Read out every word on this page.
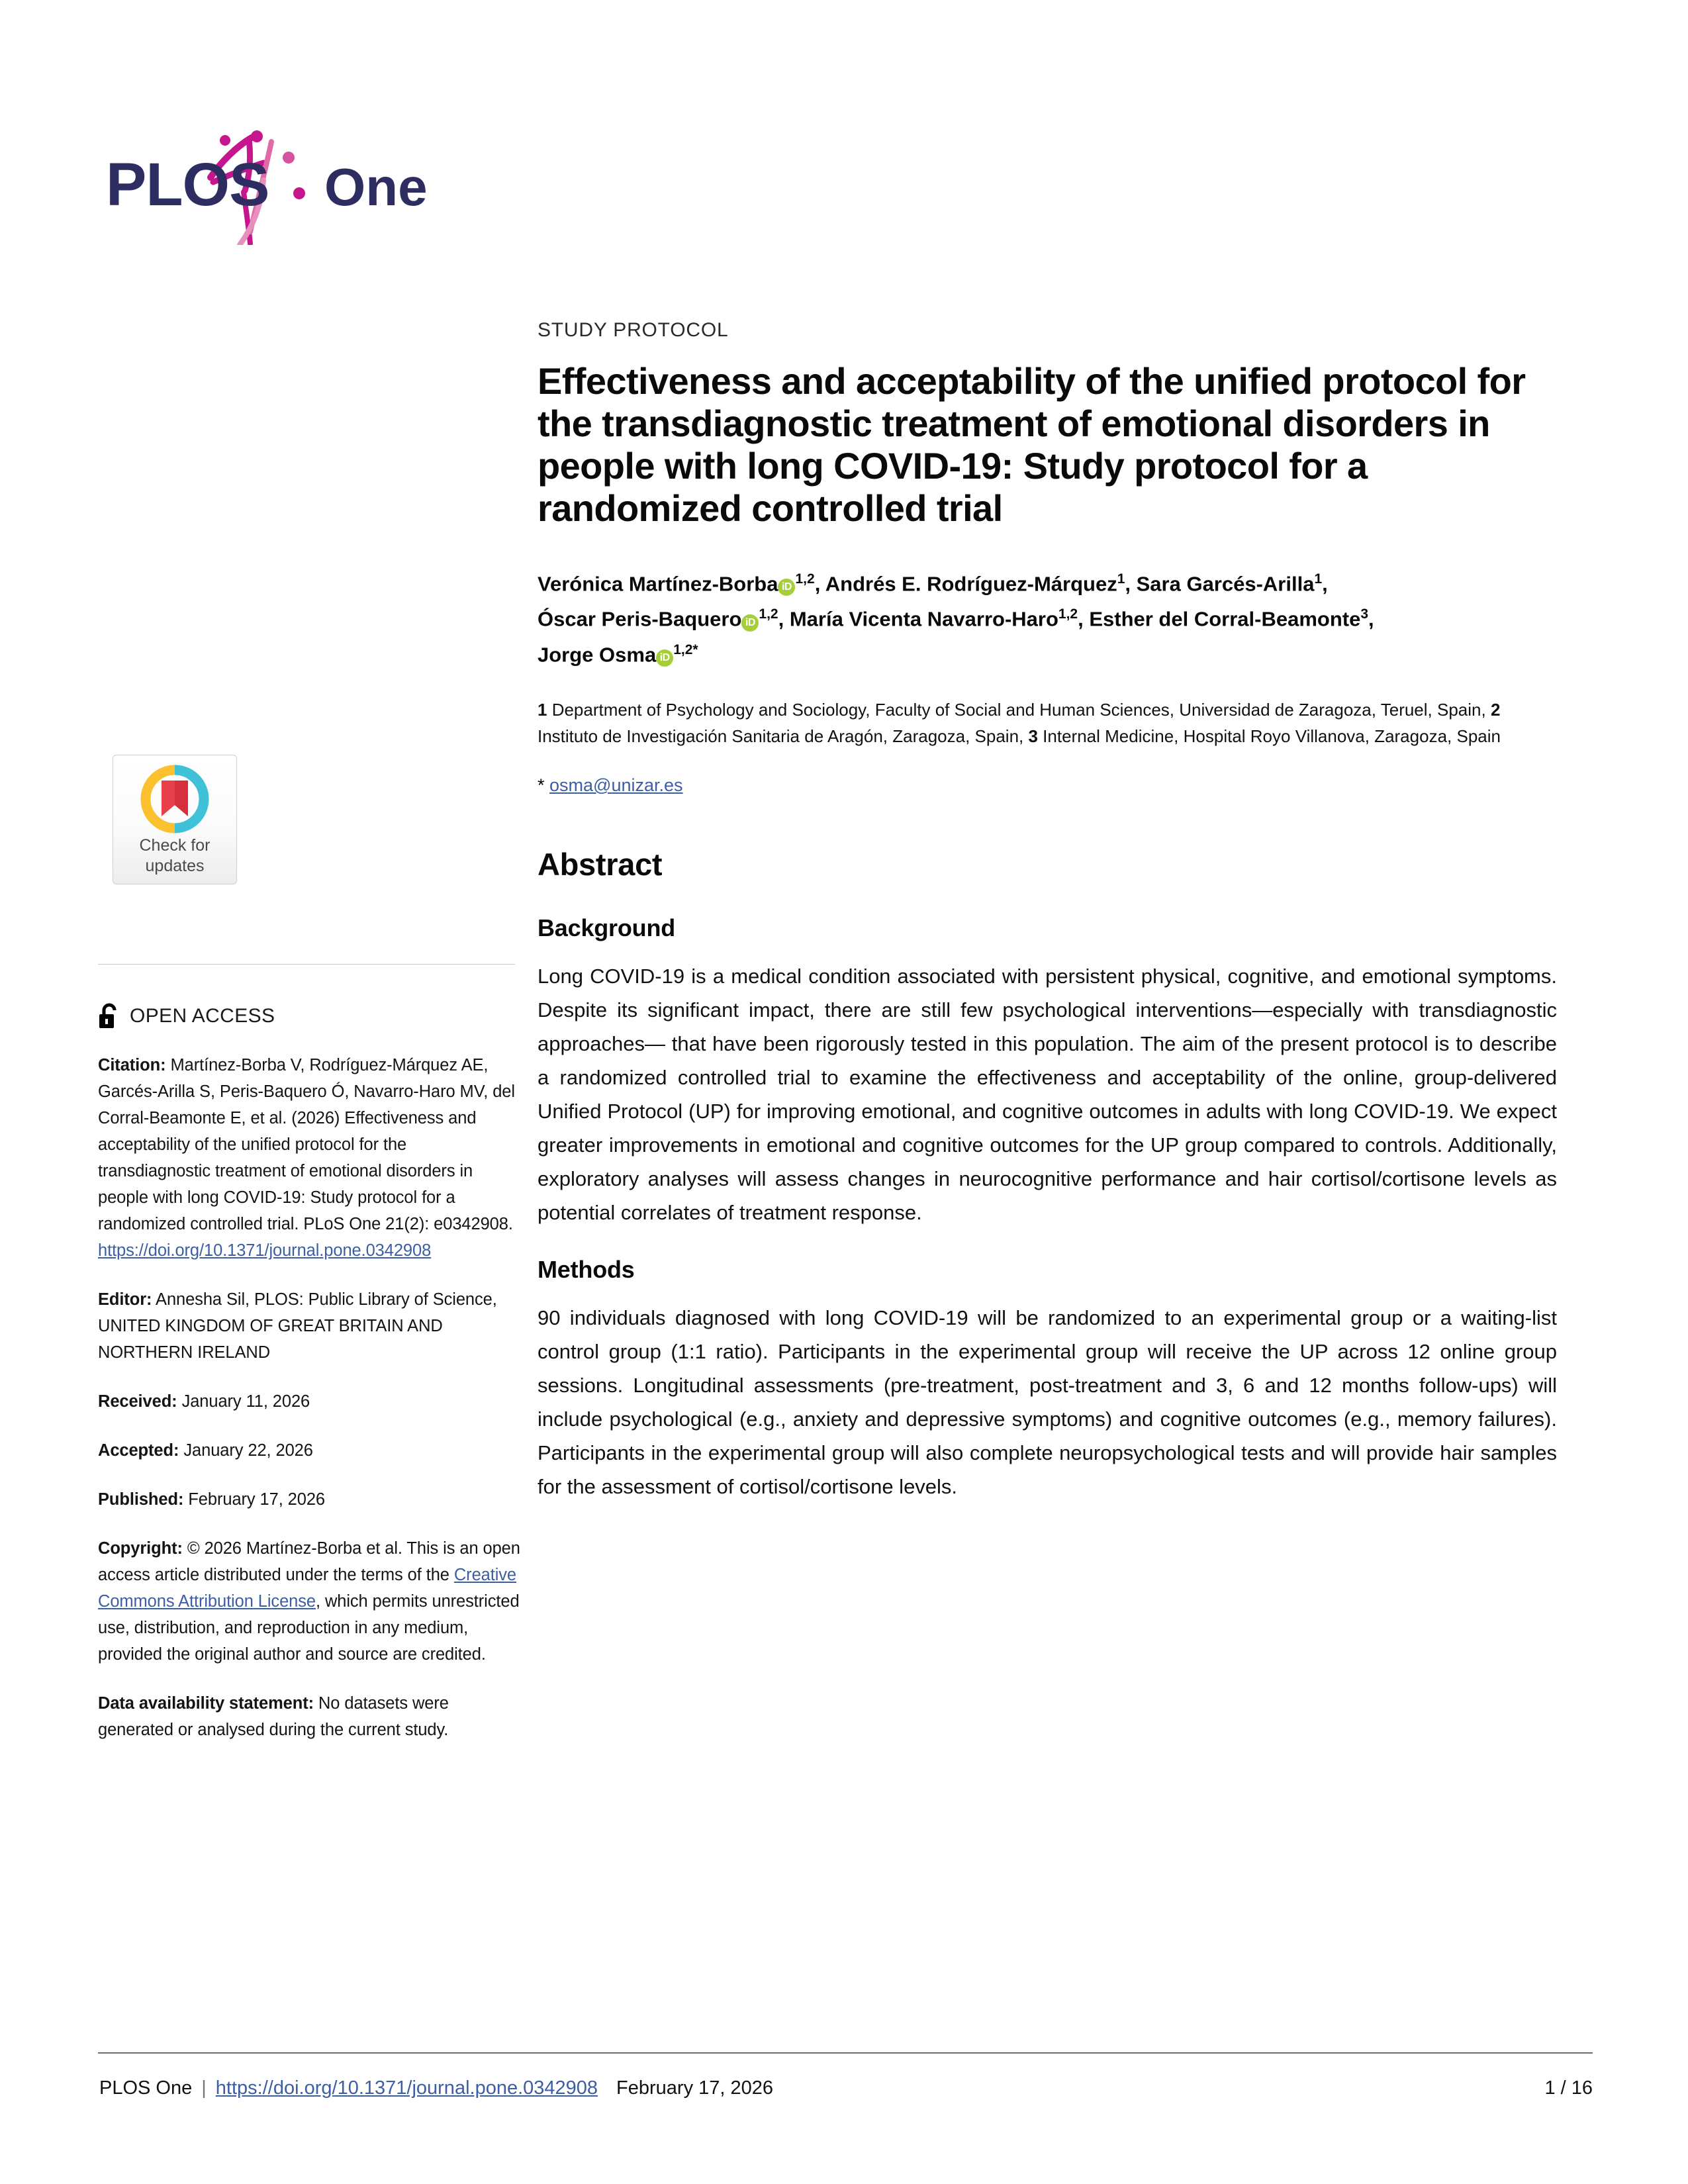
PLOS One
Check for
updates
OPEN ACCESS
Citation: Martínez-Borba V, Rodríguez-Márquez AE, Garcés-Arilla S, Peris-Baquero Ó, Navarro-Haro MV, del Corral-Beamonte E, et al. (2026) Effectiveness and acceptability of the unified protocol for the transdiagnostic treatment of emotional disorders in people with long COVID-19: Study protocol for a randomized controlled trial. PLoS One 21(2): e0342908. https://doi.org/10.1371/journal.pone.0342908
Editor: Annesha Sil, PLOS: Public Library of Science, UNITED KINGDOM OF GREAT BRITAIN AND NORTHERN IRELAND
Received: January 11, 2026
Accepted: January 22, 2026
Published: February 17, 2026
Copyright: © 2026 Martínez-Borba et al. This is an open access article distributed under the terms of the Creative Commons Attribution License, which permits unrestricted use, distribution, and reproduction in any medium, provided the original author and source are credited.
Data availability statement: No datasets were generated or analysed during the current study.
STUDY PROTOCOL
Effectiveness and acceptability of the unified protocol for the transdiagnostic treatment of emotional disorders in people with long COVID-19: Study protocol for a randomized controlled trial
Verónica Martínez-Borba iD$^{1,2}$, Andrés E. Rodríguez-Márquez$^1$, Sara Garcés-Arilla$^1$,
Óscar Peris-Baquero iD$^{1,2}$, María Vicenta Navarro-Haro$^{1,2}$, Esther del Corral-Beamonte$^3$,
Jorge Osma $iD^{1,2*}$
1 Department of Psychology and Sociology, Faculty of Social and Human Sciences, Universidad de Zaragoza, Teruel, Spain, 2 Instituto de Investigación Sanitaria de Aragón, Zaragoza, Spain, 3 Internal Medicine, Hospital Royo Villanova, Zaragoza, Spain
* osma@unizar.es
Abstract
Background

Long COVID-19 is a medical condition associated with persistent physical, cognitive, and emotional symptoms. Despite its significant impact, there are still few psychological interventions—especially with transdiagnostic approaches— that have been rigorously tested in this population. The aim of the present protocol is to describe a randomized controlled trial to examine the effectiveness and acceptability of the online, group-delivered Unified Protocol (UP) for improving emotional, and cognitive outcomes in adults with long COVID-19. We expect greater improvements in emotional and cognitive outcomes for the UP group compared to controls. Additionally, exploratory analyses will assess changes in neurocognitive performance and hair cortisol/cortisone levels as potential correlates of treatment response.

Methods

90 individuals diagnosed with long COVID-19 will be randomized to an experimental group or a waiting-list control group (1:1 ratio). Participants in the experimental group will receive the UP across 12 online group sessions. Longitudinal assessments (pre-treatment, post-treatment and 3, 6 and 12 months follow-ups) will include psychological (e.g., anxiety and depressive symptoms) and cognitive outcomes (e.g., memory failures). Participants in the experimental group will also complete neuropsychological tests and will provide hair samples for the assessment of cortisol/cortisone levels.

PLOS One | https://doi.org/10.1371/journal.pone.0342908 February 17, 2026	1 / 16
